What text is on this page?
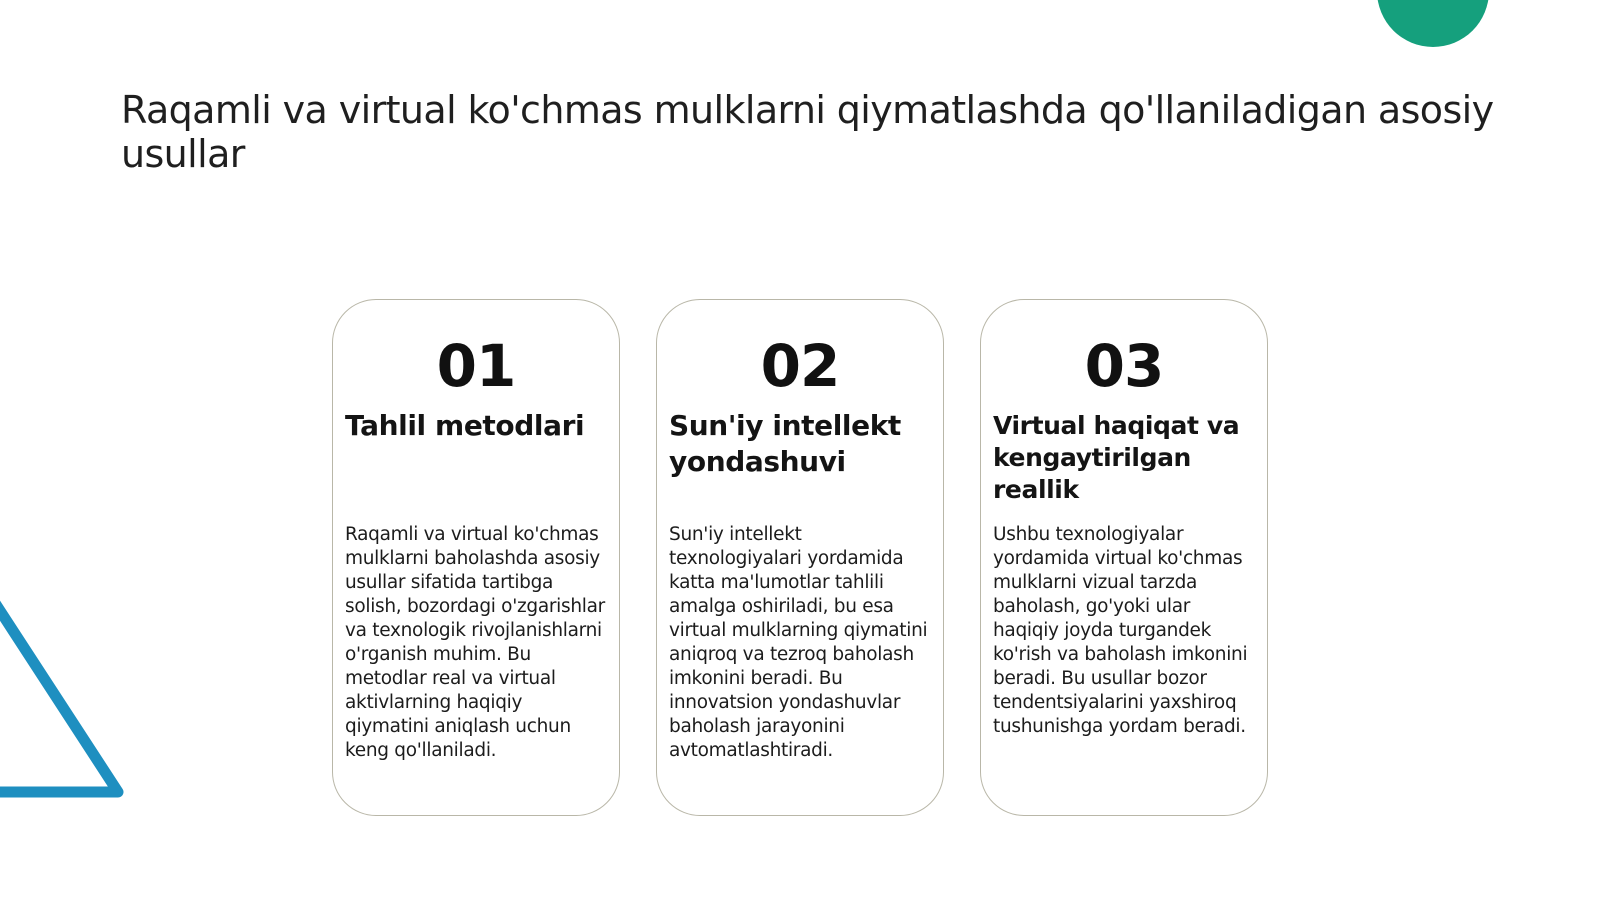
Raqamli va virtual ko'chmas mulklarni qiymatlashda qo'llaniladigan asosiy usullar
01
Tahlil metodlari

Raqamli va virtual ko'chmas mulklarni baholashda asosiy usullar sifatida tartibga solish, bozordagi o'zgarishlar va texnologik rivojlanishlarni o'rganish muhim. Bu metodlar real va virtual aktivlarning haqiqiy qiymatini aniqlash uchun keng qo'llaniladi.

02
Sun'iy intellekt yondashuvi

Sun'iy intellekt texnologiyalari yordamida katta ma'lumotlar tahlili amalga oshiriladi, bu esa virtual mulklarning qiymatini aniqroq va tezroq baholash imkonini beradi. Bu innovatsion yondashuvlar baholash jarayonini avtomatlashtiradi.

03
Virtual haqiqat va kengaytirilgan reallik

Ushbu texnologiyalar yordamida virtual ko'chmas mulklarni vizual tarzda baholash, go'yoki ular haqiqiy joyda turgandek ko'rish va baholash imkonini beradi. Bu usullar bozor tendentsiyalarini yaxshiroq tushunishga yordam beradi.
